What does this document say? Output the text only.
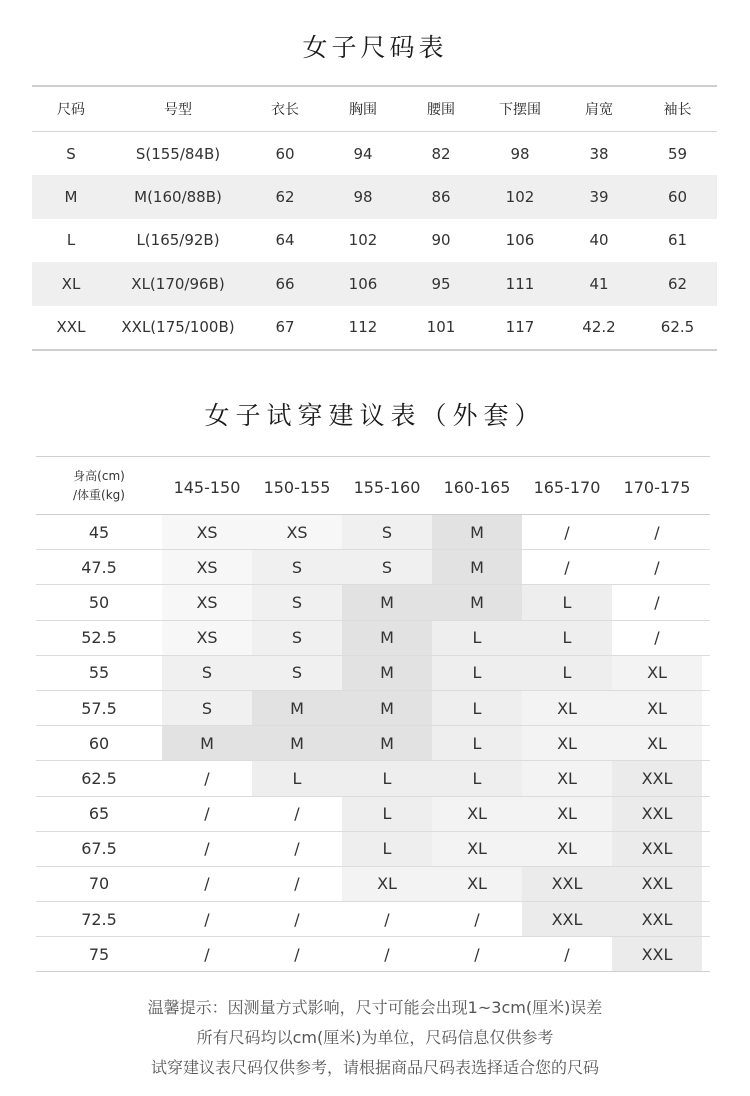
女子尺码表
尺码	号型	衣长	胸围	腰围	下摆围	肩宽	袖长
S	S(155/84B)	60	94	82	98	38	59
M	M(160/88B)	62	98	86	102	39	60
L	L(165/92B)	64	102	90	106	40	61
XL	XL(170/96B)	66	106	95	111	41	62
XXL	XXL(175/100B)	67	112	101	117	42.2	62.5
女子试穿建议表（外套）
身高(cm)
/体重(kg)	145-150	150-155	155-160	160-165	165-170	170-175
45	XS	XS	S	M	/	/
47.5	XS	S	S	M	/	/
50	XS	S	M	M	L	/
52.5	XS	S	M	L	L	/
55	S	S	M	L	L	XL
57.5	S	M	M	L	XL	XL
60	M	M	M	L	XL	XL
62.5	/	L	L	L	XL	XXL
65	/	/	L	XL	XL	XXL
67.5	/	/	L	XL	XL	XXL
70	/	/	XL	XL	XXL	XXL
72.5	/	/	/	/	XXL	XXL
75	/	/	/	/	/	XXL
温馨提示：因测量方式影响，尺寸可能会出现1~3cm(厘米)误差
所有尺码均以cm(厘米)为单位，尺码信息仅供参考
试穿建议表尺码仅供参考，请根据商品尺码表选择适合您的尺码
